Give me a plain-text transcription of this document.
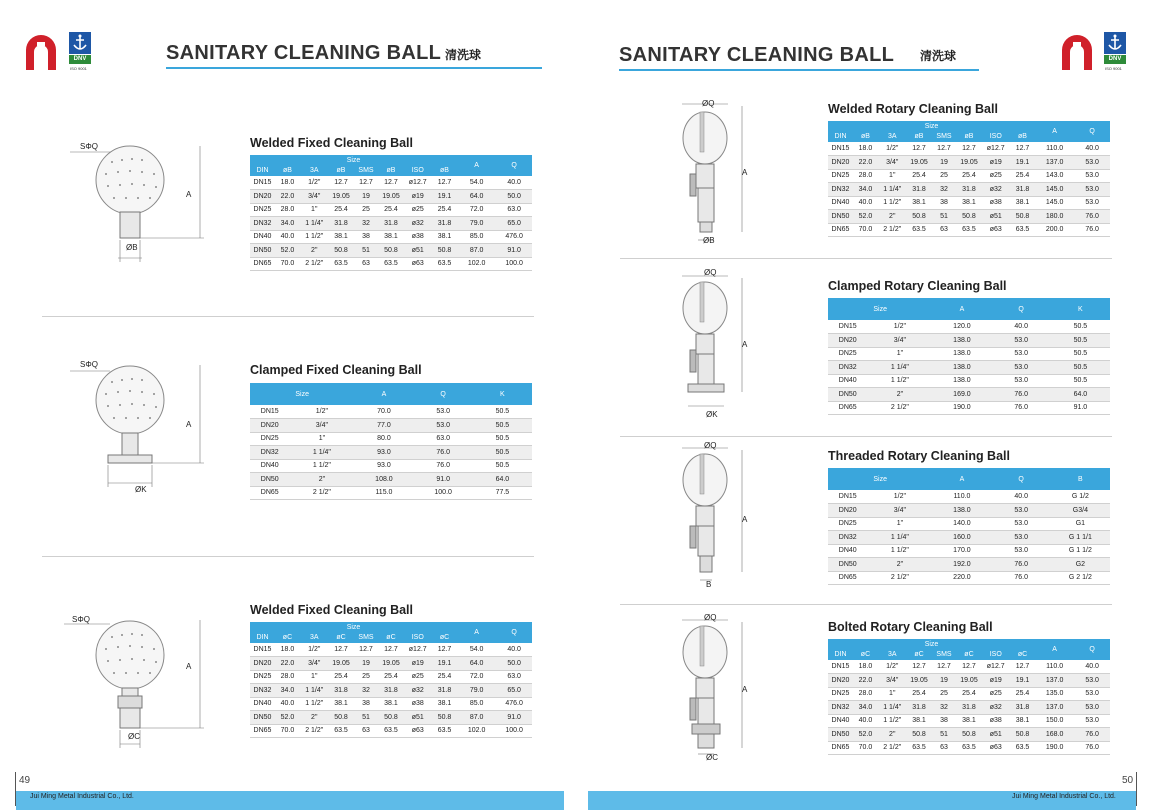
DNV
ISO 9001
SANITARY CLEANING BALL 清洗球	SANITARY CLEANING BALL 清洗球	DNV
ISO 9001
SΦQ
A
ØB
Welded Fixed Cleaning Ball
Size								A	Q
DIN	øB	3A	øB	SMS	øB	ISO	øB		
DN15	18.0	1/2"	12.7	12.7	12.7	ø12.7	12.7	54.0	40.0
DN20	22.0	3/4"	19.05	19	19.05	ø19	19.1	64.0	50.0
DN25	28.0	1"	25.4	25	25.4	ø25	25.4	72.0	63.0
DN32	34.0	1 1/4"	31.8	32	31.8	ø32	31.8	79.0	65.0
DN40	40.0	1 1/2"	38.1	38	38.1	ø38	38.1	85.0	476.0
DN50	52.0	2"	50.8	51	50.8	ø51	50.8	87.0	91.0
DN65	70.0	2 1/2"	63.5	63	63.5	ø63	63.5	102.0	100.0
SΦQ
A
ØK
Clamped Fixed Cleaning Ball
Size		A	Q	K
DN15	1/2"	70.0	53.0	50.5
DN20	3/4"	77.0	53.0	50.5
DN25	1"	80.0	63.0	50.5
DN32	1 1/4"	93.0	76.0	50.5
DN40	1 1/2"	93.0	76.0	50.5
DN50	2"	108.0	91.0	64.0
DN65	2 1/2"	115.0	100.0	77.5
SΦQ
A
ØC
Welded Fixed Cleaning Ball
Size								A	Q
DIN	øC	3A	øC	SMS	øC	ISO	øC		
DN15	18.0	1/2"	12.7	12.7	12.7	ø12.7	12.7	54.0	40.0
DN20	22.0	3/4"	19.05	19	19.05	ø19	19.1	64.0	50.0
DN25	28.0	1"	25.4	25	25.4	ø25	25.4	72.0	63.0
DN32	34.0	1 1/4"	31.8	32	31.8	ø32	31.8	79.0	65.0
DN40	40.0	1 1/2"	38.1	38	38.1	ø38	38.1	85.0	476.0
DN50	52.0	2"	50.8	51	50.8	ø51	50.8	87.0	91.0
DN65	70.0	2 1/2"	63.5	63	63.5	ø63	63.5	102.0	100.0
ØQ
A
ØB
Welded Rotary Cleaning Ball
Size								A	Q
DIN	øB	3A	øB	SMS	øB	ISO	øB		
DN15	18.0	1/2"	12.7	12.7	12.7	ø12.7	12.7	110.0	40.0
DN20	22.0	3/4"	19.05	19	19.05	ø19	19.1	137.0	53.0
DN25	28.0	1"	25.4	25	25.4	ø25	25.4	143.0	53.0
DN32	34.0	1 1/4"	31.8	32	31.8	ø32	31.8	145.0	53.0
DN40	40.0	1 1/2"	38.1	38	38.1	ø38	38.1	145.0	53.0
DN50	52.0	2"	50.8	51	50.8	ø51	50.8	180.0	76.0
DN65	70.0	2 1/2"	63.5	63	63.5	ø63	63.5	200.0	76.0
ØQ
A
ØK
Clamped Rotary Cleaning Ball
Size		A	Q	K
DN15	1/2"	120.0	40.0	50.5
DN20	3/4"	138.0	53.0	50.5
DN25	1"	138.0	53.0	50.5
DN32	1 1/4"	138.0	53.0	50.5
DN40	1 1/2"	138.0	53.0	50.5
DN50	2"	169.0	76.0	64.0
DN65	2 1/2"	190.0	76.0	91.0
ØQ
A
B
Threaded Rotary Cleaning Ball
Size		A	Q	B
DN15	1/2"	110.0	40.0	G 1/2
DN20	3/4"	138.0	53.0	G3/4
DN25	1"	140.0	53.0	G1
DN32	1 1/4"	160.0	53.0	G 1 1/1
DN40	1 1/2"	170.0	53.0	G 1 1/2
DN50	2"	192.0	76.0	G2
DN65	2 1/2"	220.0	76.0	G 2 1/2
ØQ
A
ØC
Bolted Rotary Cleaning Ball
Size								A	Q
DIN	øC	3A	øC	SMS	øC	ISO	øC		
DN15	18.0	1/2"	12.7	12.7	12.7	ø12.7	12.7	110.0	40.0
DN20	22.0	3/4"	19.05	19	19.05	ø19	19.1	137.0	53.0
DN25	28.0	1"	25.4	25	25.4	ø25	25.4	135.0	53.0
DN32	34.0	1 1/4"	31.8	32	31.8	ø32	31.8	137.0	53.0
DN40	40.0	1 1/2"	38.1	38	38.1	ø38	38.1	150.0	53.0
DN50	52.0	2"	50.8	51	50.8	ø51	50.8	168.0	76.0
DN65	70.0	2 1/2"	63.5	63	63.5	ø63	63.5	190.0	76.0
49	50
Jui Ming Metal Industrial Co., Ltd.	Jui Ming Metal Industrial Co., Ltd.
